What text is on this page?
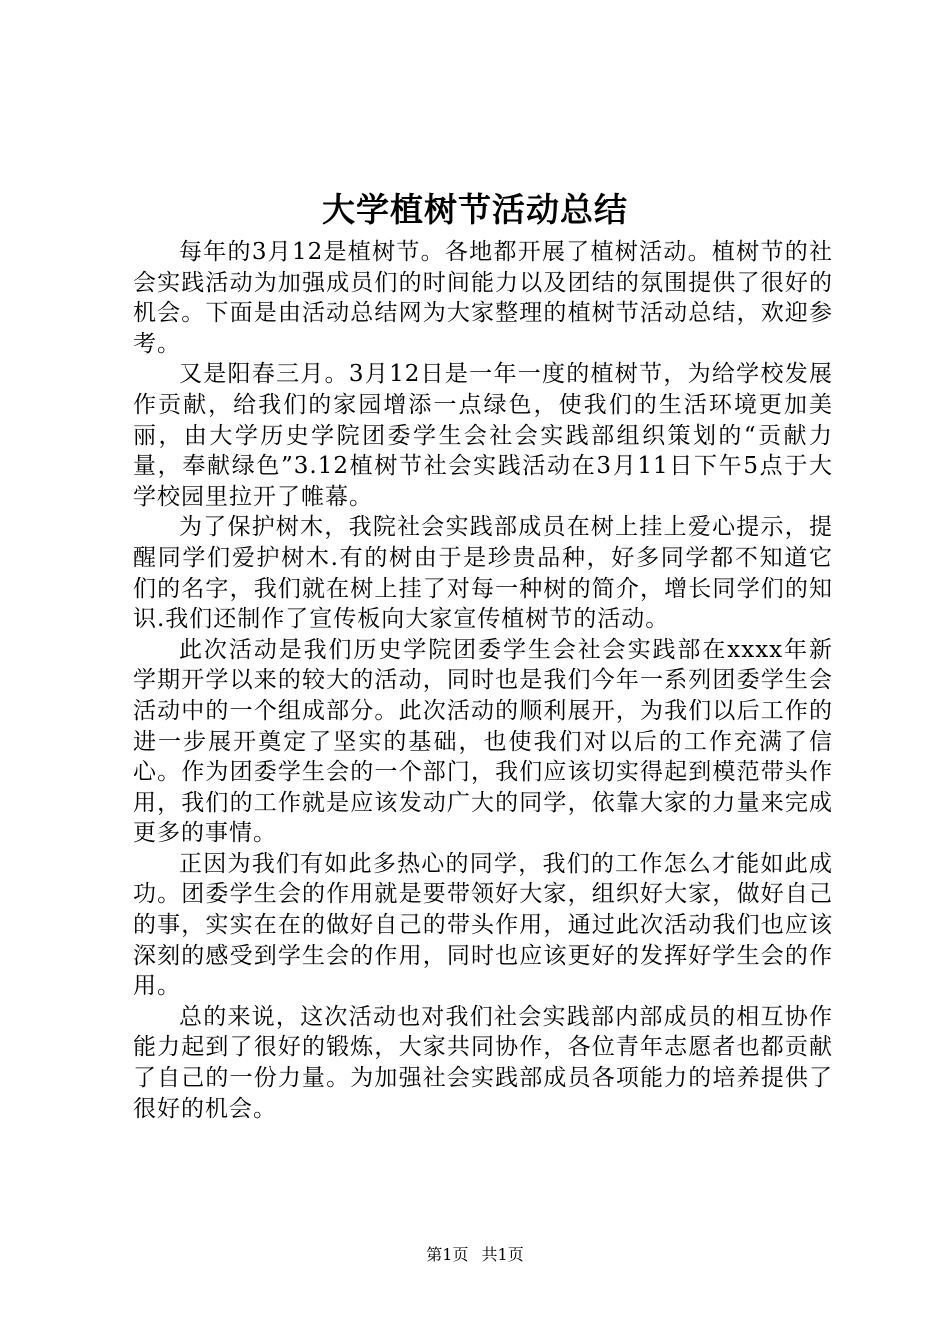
大学植树节活动总结

每年的3月12是植树节。各地都开展了植树活动。植树节的社会实践活动为加强成员们的时间能力以及团结的氛围提供了很好的机会。下面是由活动总结网为大家整理的植树节活动总结，欢迎参考。

又是阳春三月。3月12日是一年一度的植树节，为给学校发展作贡献，给我们的家园增添一点绿色，使我们的生活环境更加美丽，由大学历史学院团委学生会社会实践部组织策划的“贡献力量，奉献绿色”3.12植树节社会实践活动在3月11日下午5点于大学校园里拉开了帷幕。

为了保护树木，我院社会实践部成员在树上挂上爱心提示，提醒同学们爱护树木.有的树由于是珍贵品种，好多同学都不知道它们的名字，我们就在树上挂了对每一种树的简介，增长同学们的知识.我们还制作了宣传板向大家宣传植树节的活动。

此次活动是我们历史学院团委学生会社会实践部在xxxx年新学期开学以来的较大的活动，同时也是我们今年一系列团委学生会活动中的一个组成部分。此次活动的顺利展开，为我们以后工作的进一步展开奠定了坚实的基础，也使我们对以后的工作充满了信心。作为团委学生会的一个部门，我们应该切实得起到模范带头作用，我们的工作就是应该发动广大的同学，依靠大家的力量来完成更多的事情。

正因为我们有如此多热心的同学，我们的工作怎么才能如此成功。团委学生会的作用就是要带领好大家，组织好大家，做好自己的事，实实在在的做好自己的带头作用，通过此次活动我们也应该深刻的感受到学生会的作用，同时也应该更好的发挥好学生会的作用。

总的来说，这次活动也对我们社会实践部内部成员的相互协作能力起到了很好的锻炼，大家共同协作，各位青年志愿者也都贡献了自己的一份力量。为加强社会实践部成员各项能力的培养提供了很好的机会。

第1页 共1页
